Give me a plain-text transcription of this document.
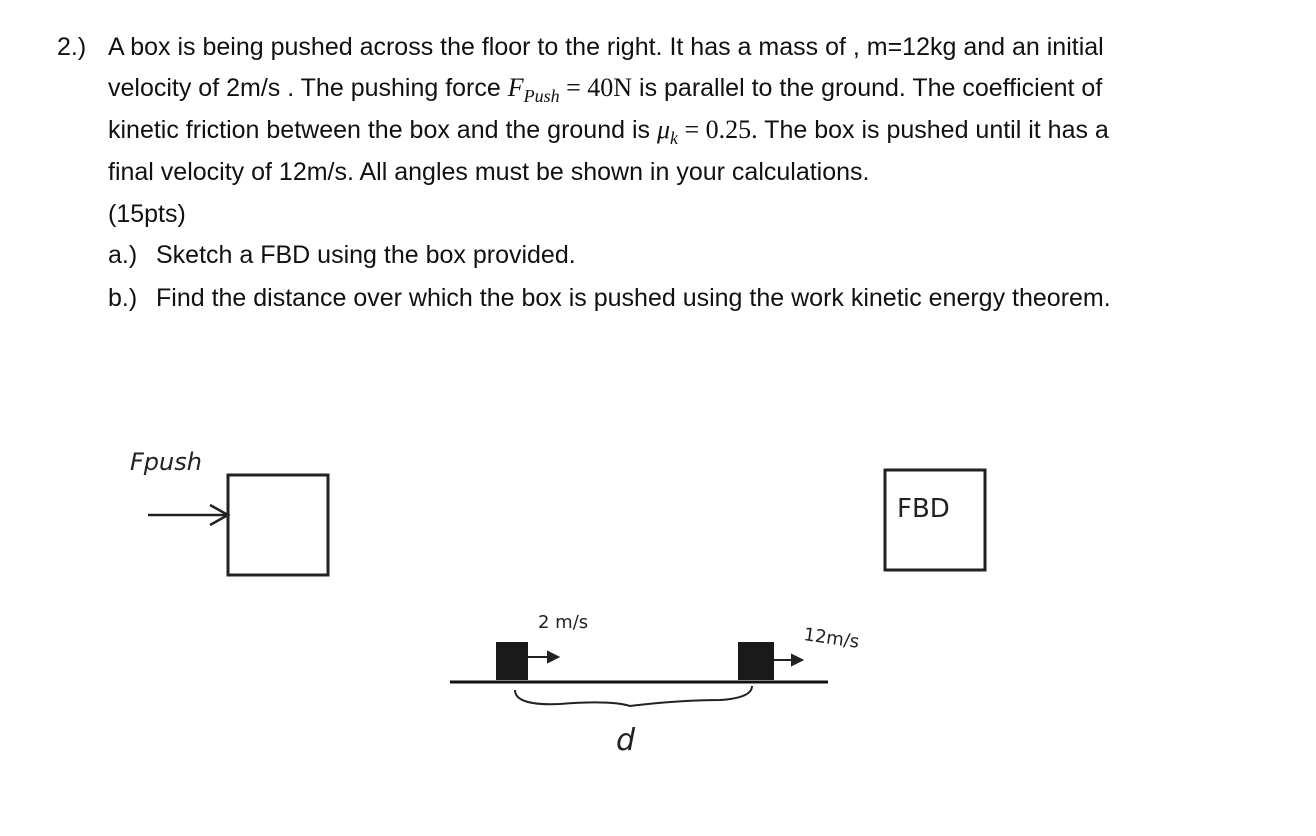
2.) A box is being pushed across the floor to the right. It has a mass of , m=12kg and an initial
velocity of 2m/s . The pushing force $F_{Push} = 40N$ is parallel to the ground. The coefficient of
kinetic friction between the box and the ground is $\mu_k = 0.25$. The box is pushed until it has a
final velocity of 12m/s. All angles must be shown in your calculations.
(15pts)
a.) Sketch a FBD using the box provided.
b.) Find the distance over which the box is pushed using the work kinetic energy theorem.
Fpush
FBD
2 m/s
12m/s
d
